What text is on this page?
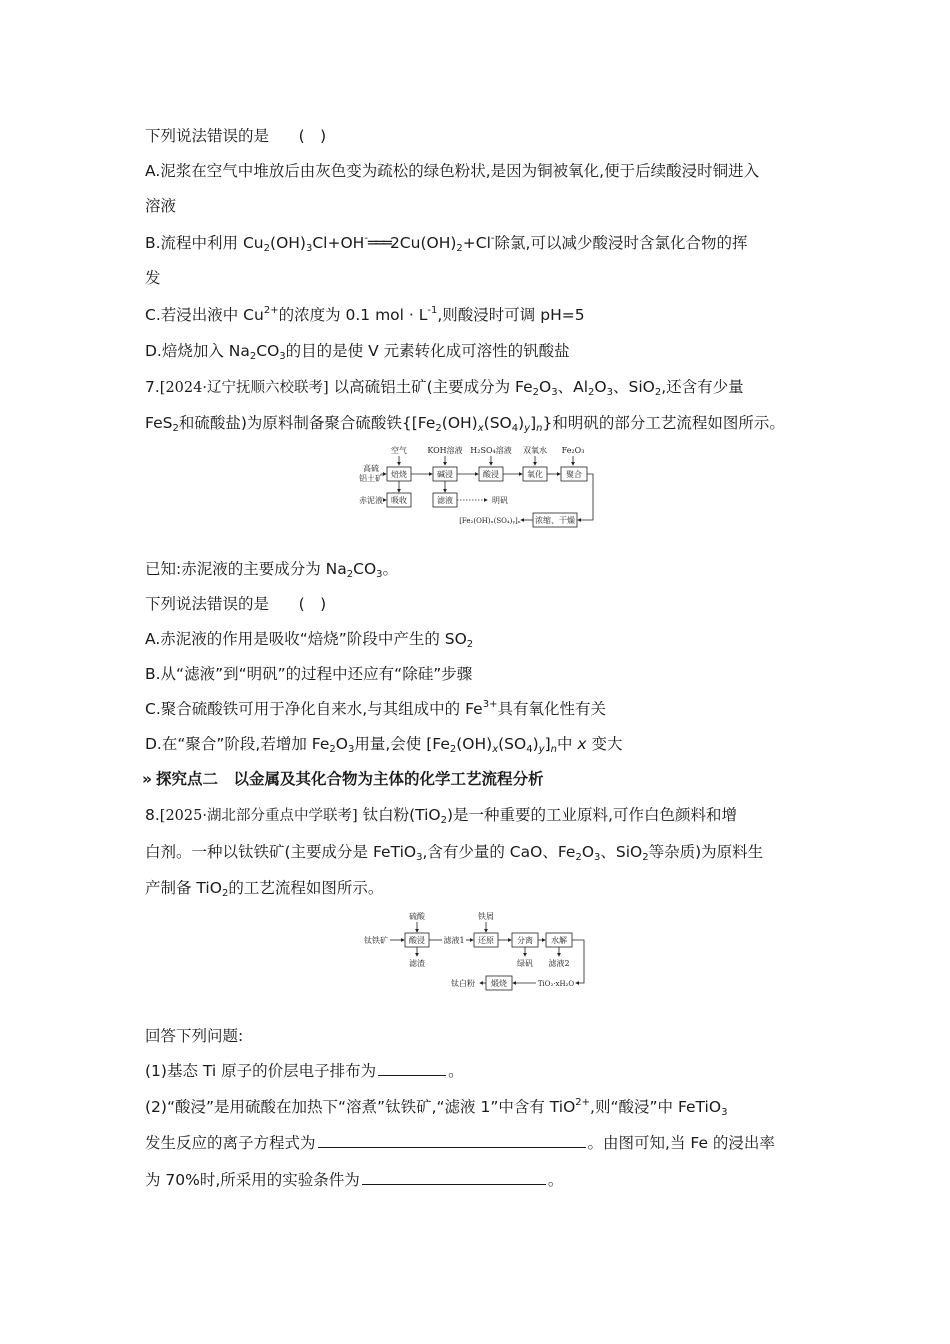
下列说法错误的是 (　)
A.泥浆在空气中堆放后由灰色变为疏松的绿色粉状,是因为铜被氧化,便于后续酸浸时铜进入
溶液
B.流程中利用 $Cu_2(OH)_3Cl+OH^-═══2Cu(OH)_2+Cl^-$除氯,可以减少酸浸时含氯化合物的挥
发
C.若浸出液中 $Cu^{2+}$的浓度为 0.1 mol · $L^{-1}$,则酸浸时可调 pH=5
D.焙烧加入 $Na_2CO_3$的目的是使 V 元素转化成可溶性的钒酸盐
7.[2024·辽宁抚顺六校联考] 以高硫铝土矿(主要成分为 $Fe_2O_3$、$Al_2O_3$、SiO$_2$,还含有少量
FeS$_2$和硫酸盐)为原料制备聚合硫酸铁$\{[Fe_2(OH)_x(SO_4)_y]_n\}$和明矾的部分工艺流程如图所示。
空气	KOH溶液 H₂SO₄溶液 双氧水 Fe₂O₃
高硫
铝土矿
赤泥液	明矾
[Fe₂(OH)ₓ(SO₄)ᵧ]ₙ
焙烧	碱浸	酸浸	氧化	聚合
吸收	滤液
浓缩、干燥
已知:赤泥液的主要成分为 $Na_2CO_3$。
下列说法错误的是 (　)
A.赤泥液的作用是吸收“焙烧”阶段中产生的 $SO_2$
B.从“滤液”到“明矾”的过程中还应有“除硅”步骤
C.聚合硫酸铁可用于净化自来水,与其组成中的 $Fe^{3+}$具有氧化性有关
D.在“聚合”阶段,若增加 $Fe_2O_3$用量,会使 $[Fe_2(OH)_x(SO_4)_y]_n$中 x 变大
» 探究点二　以金属及其化合物为主体的化学工艺流程分析
8.[2025·湖北部分重点中学联考] 钛白粉(TiO$_2$)是一种重要的工业原料,可作白色颜料和增
白剂。一种以钛铁矿(主要成分是 FeTiO$_3$,含有少量的 CaO、$Fe_2O_3$、SiO$_2$等杂质)为原料生
产制备 TiO$_2$的工艺流程如图所示。
硫酸	铁屑
钛铁矿	滤液1
滤渣	绿矾 滤液2
TiO₂·xH₂O
钛白粉
酸浸	还原	分离 水解
煅烧
回答下列问题:
(1)基态 Ti 原子的价层电子排布为	。
(2)“酸浸”是用硫酸在加热下“溶煮”钛铁矿,“滤液 1”中含有 TiO$^{2+}$,则“酸浸”中 FeTiO$_3$
发生反应的离子方程式为	。由图可知,当 Fe 的浸出率
为 70%时,所采用的实验条件为	。
